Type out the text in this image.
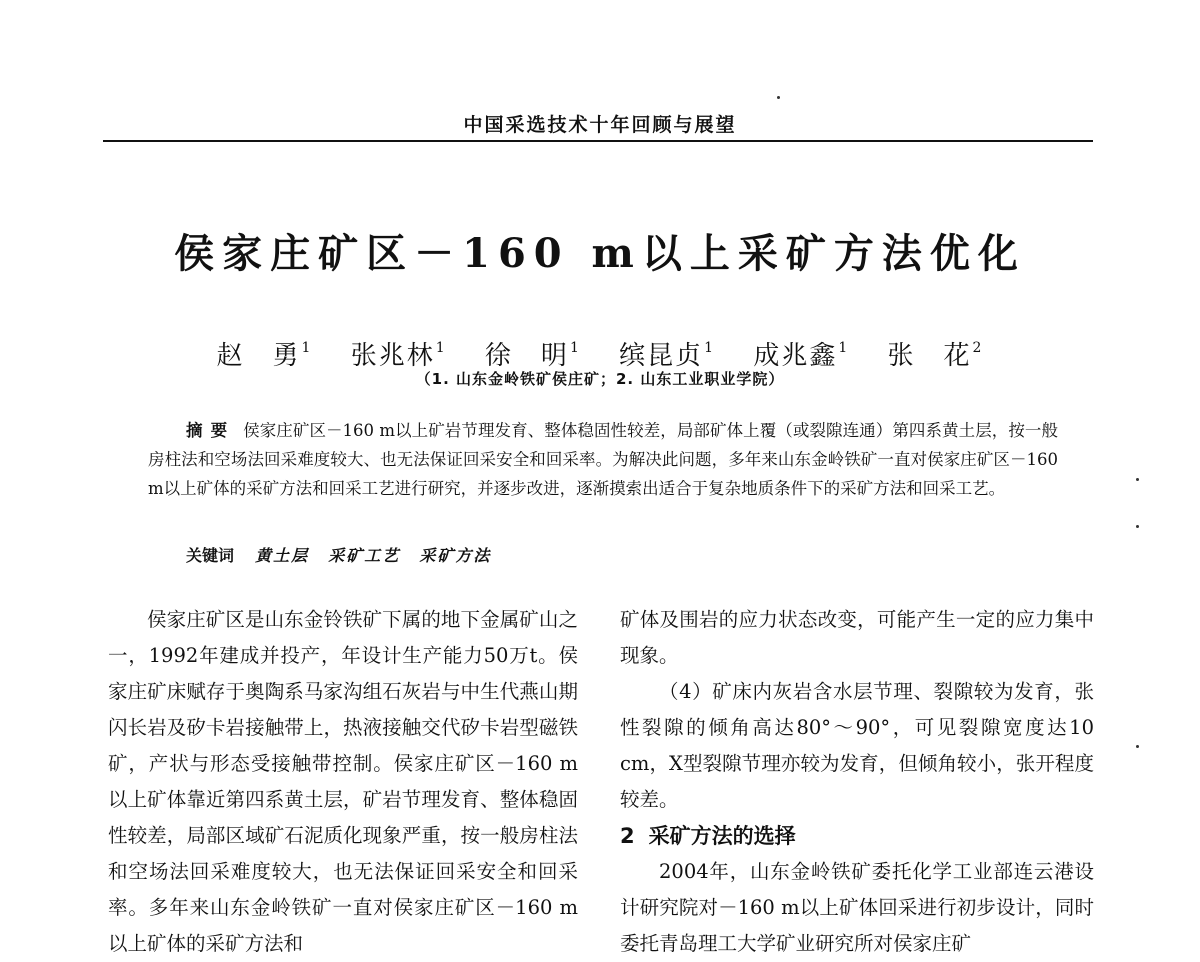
中国采选技术十年回顾与展望
侯家庄矿区－160 m以上采矿方法优化
赵　勇$^1$ 张兆林$^1$ 徐　明$^1$ 缤昆贞$^1$ 成兆鑫$^1$ 张　花$^2$
（1. 山东金岭铁矿侯庄矿；2. 山东工业职业学院）
摘要 侯家庄矿区－160 m以上矿岩节理发育、整体稳固性较差，局部矿体上覆（或裂隙连通）第四系黄土层，按一般房柱法和空场法回采难度较大、也无法保证回采安全和回采率。为解决此问题，多年来山东金岭铁矿一直对侯家庄矿区－160 m以上矿体的采矿方法和回采工艺进行研究，并逐步改进，逐渐摸索出适合于复杂地质条件下的采矿方法和回采工艺。
关键词 黄土层 采矿工艺 采矿方法

侯家庄矿区是山东金铃铁矿下属的地下金属矿山之一，1992年建成并投产，年设计生产能力50万t。侯家庄矿床赋存于奥陶系马家沟组石灰岩与中生代燕山期闪长岩及矽卡岩接触带上，热液接触交代矽卡岩型磁铁矿，产状与形态受接触带控制。侯家庄矿区－160 m以上矿体靠近第四系黄土层，矿岩节理发育、整体稳固性较差，局部区域矿石泥质化现象严重，按一般房柱法和空场法回采难度较大，也无法保证回采安全和回采率。多年来山东金岭铁矿一直对侯家庄矿区－160 m以上矿体的采矿方法和

矿体及围岩的应力状态改变，可能产生一定的应力集中现象。

（4）矿床内灰岩含水层节理、裂隙较为发育，张性裂隙的倾角高达80°～90°，可见裂隙宽度达10 cm，X型裂隙节理亦较为发育，但倾角较小，张开程度较差。

2 采矿方法的选择

2004年，山东金岭铁矿委托化学工业部连云港设计研究院对－160 m以上矿体回采进行初步设计，同时委托青岛理工大学矿业研究所对侯家庄矿
